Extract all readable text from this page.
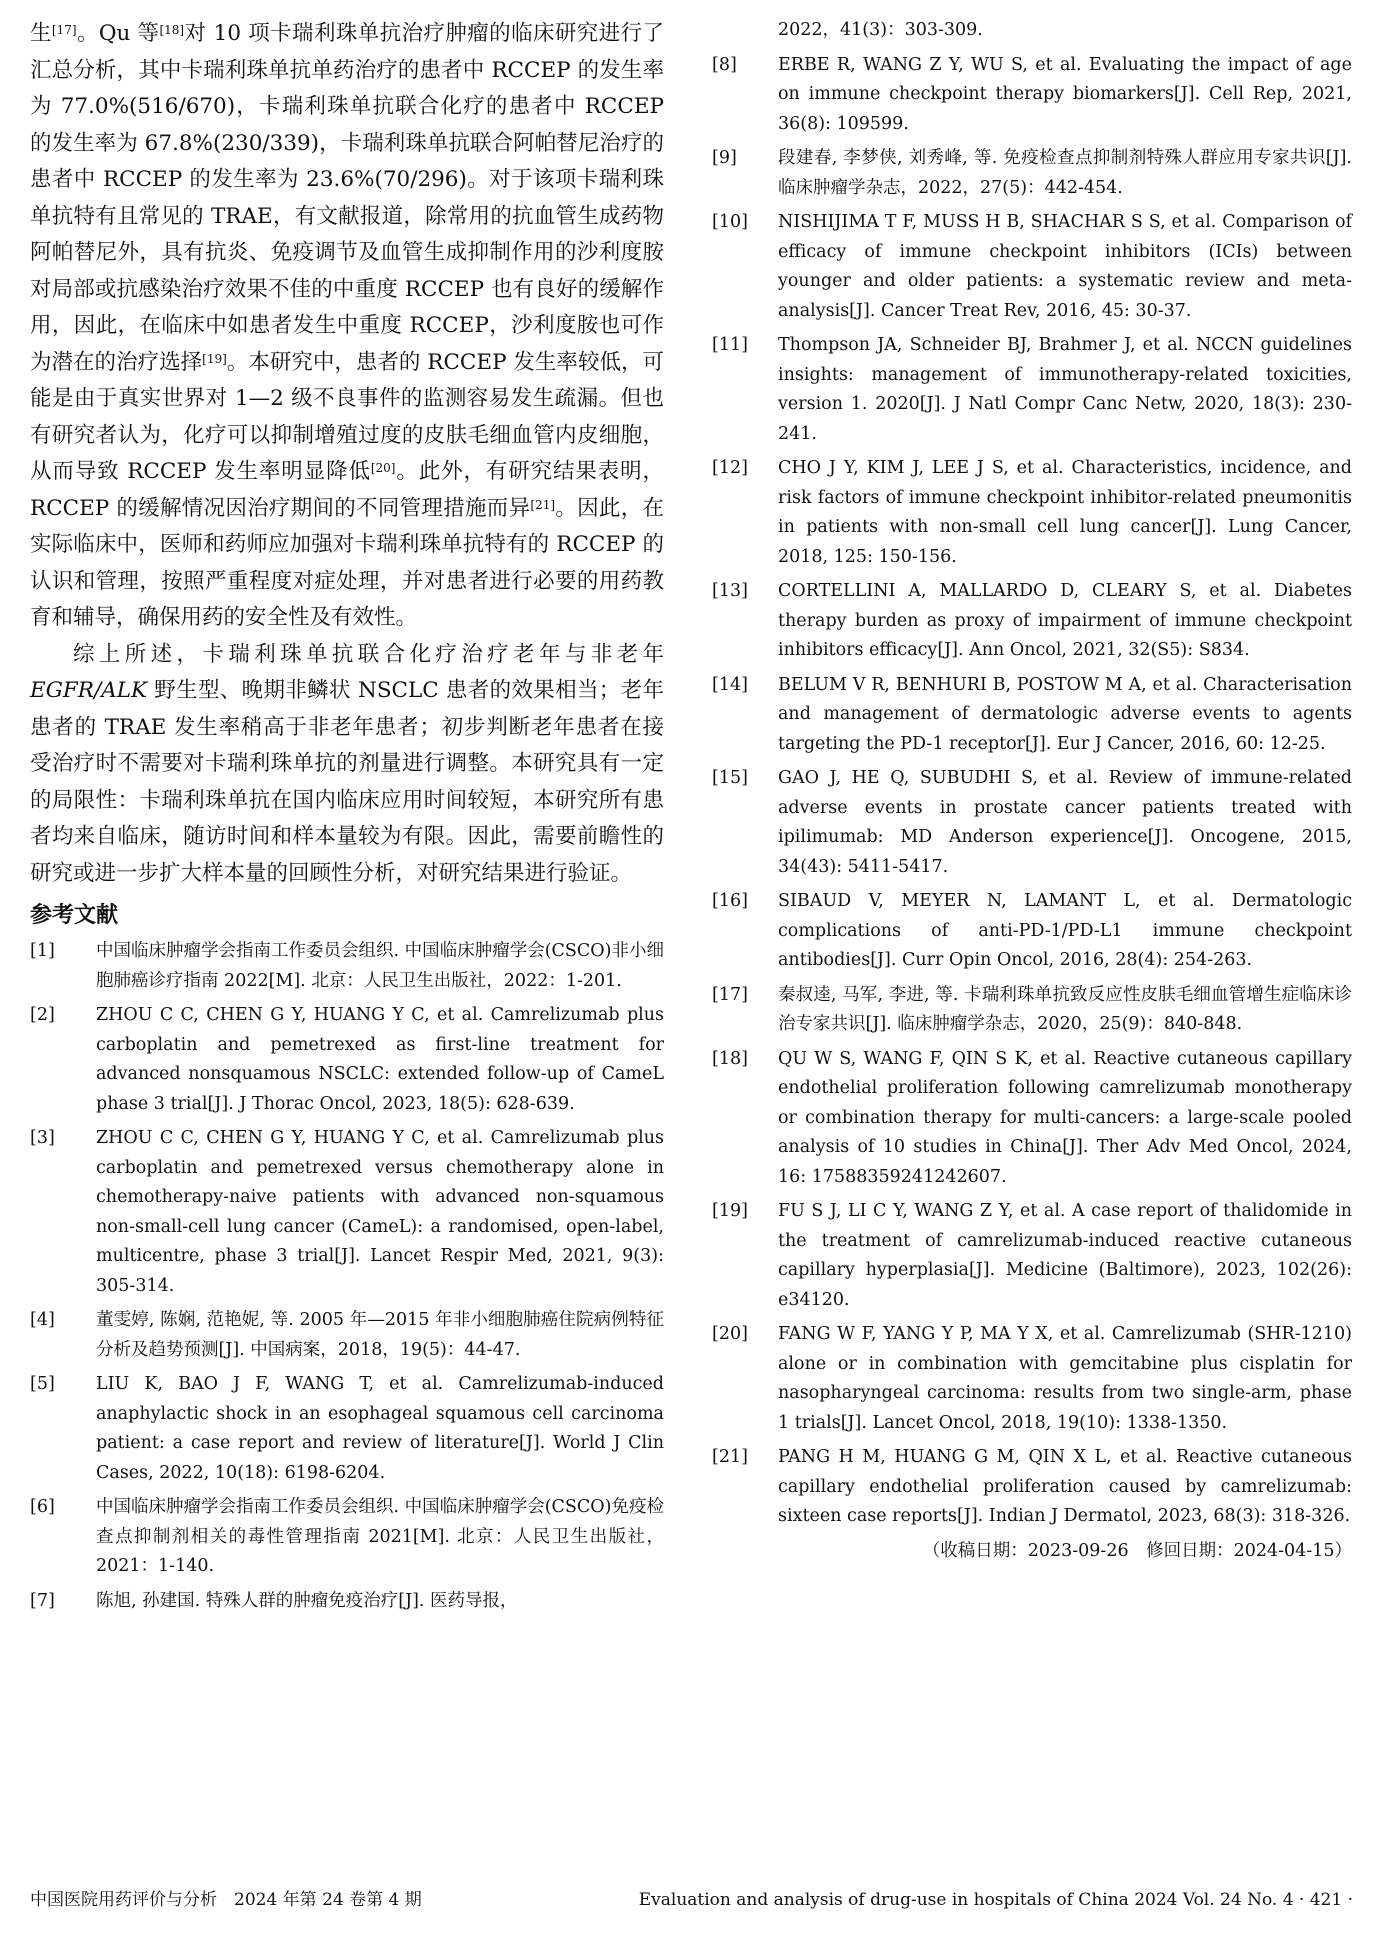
生[17]。Qu 等[18]对 10 项卡瑞利珠单抗治疗肿瘤的临床研究进行了汇总分析，其中卡瑞利珠单抗单药治疗的患者中 RCCEP 的发生率为 77.0%(516/670)，卡瑞利珠单抗联合化疗的患者中 RCCEP 的发生率为 67.8%(230/339)，卡瑞利珠单抗联合阿帕替尼治疗的患者中 RCCEP 的发生率为 23.6%(70/296)。对于该项卡瑞利珠单抗特有且常见的 TRAE，有文献报道，除常用的抗血管生成药物阿帕替尼外，具有抗炎、免疫调节及血管生成抑制作用的沙利度胺对局部或抗感染治疗效果不佳的中重度 RCCEP 也有良好的缓解作用，因此，在临床中如患者发生中重度 RCCEP，沙利度胺也可作为潜在的治疗选择[19]。本研究中，患者的 RCCEP 发生率较低，可能是由于真实世界对 1—2 级不良事件的监测容易发生疏漏。但也有研究者认为，化疗可以抑制增殖过度的皮肤毛细血管内皮细胞，从而导致 RCCEP 发生率明显降低[20]。此外，有研究结果表明，RCCEP 的缓解情况因治疗期间的不同管理措施而异[21]。因此，在实际临床中，医师和药师应加强对卡瑞利珠单抗特有的 RCCEP 的认识和管理，按照严重程度对症处理，并对患者进行必要的用药教育和辅导，确保用药的安全性及有效性。

综上所述，卡瑞利珠单抗联合化疗治疗老年与非老年 EGFR/ALK 野生型、晚期非鳞状 NSCLC 患者的效果相当；老年患者的 TRAE 发生率稍高于非老年患者；初步判断老年患者在接受治疗时不需要对卡瑞利珠单抗的剂量进行调整。本研究具有一定的局限性：卡瑞利珠单抗在国内临床应用时间较短，本研究所有患者均来自临床，随访时间和样本量较为有限。因此，需要前瞻性的研究或进一步扩大样本量的回顾性分析，对研究结果进行验证。

参考文献
[1]	中国临床肿瘤学会指南工作委员会组织. 中国临床肿瘤学会(CSCO)非小细胞肺癌诊疗指南 2022[M]. 北京：人民卫生出版社，2022：1-201.
[2]	ZHOU C C, CHEN G Y, HUANG Y C, et al. Camrelizumab plus carboplatin and pemetrexed as first-line treatment for advanced nonsquamous NSCLC: extended follow-up of CameL phase 3 trial[J]. J Thorac Oncol, 2023, 18(5): 628-639.
[3]	ZHOU C C, CHEN G Y, HUANG Y C, et al. Camrelizumab plus carboplatin and pemetrexed versus chemotherapy alone in chemotherapy-naive patients with advanced non-squamous non-small-cell lung cancer (CameL): a randomised, open-label, multicentre, phase 3 trial[J]. Lancet Respir Med, 2021, 9(3): 305-314.
[4]	董雯婷, 陈娴, 范艳妮, 等. 2005 年—2015 年非小细胞肺癌住院病例特征分析及趋势预测[J]. 中国病案，2018，19(5)：44-47.
[5]	LIU K, BAO J F, WANG T, et al. Camrelizumab-induced anaphylactic shock in an esophageal squamous cell carcinoma patient: a case report and review of literature[J]. World J Clin Cases, 2022, 10(18): 6198-6204.
[6]	中国临床肿瘤学会指南工作委员会组织. 中国临床肿瘤学会(CSCO)免疫检查点抑制剂相关的毒性管理指南 2021[M]. 北京：人民卫生出版社，2021：1-140.
[7]	陈旭, 孙建国. 特殊人群的肿瘤免疫治疗[J]. 医药导报，
2022，41(3)：303-309.
[8]	ERBE R, WANG Z Y, WU S, et al. Evaluating the impact of age on immune checkpoint therapy biomarkers[J]. Cell Rep, 2021, 36(8): 109599.
[9]	段建春, 李梦侠, 刘秀峰, 等. 免疫检查点抑制剂特殊人群应用专家共识[J]. 临床肿瘤学杂志，2022，27(5)：442-454.
[10]	NISHIJIMA T F, MUSS H B, SHACHAR S S, et al. Comparison of efficacy of immune checkpoint inhibitors (ICIs) between younger and older patients: a systematic review and meta-analysis[J]. Cancer Treat Rev, 2016, 45: 30-37.
[11]	Thompson JA, Schneider BJ, Brahmer J, et al. NCCN guidelines insights: management of immunotherapy-related toxicities, version 1. 2020[J]. J Natl Compr Canc Netw, 2020, 18(3): 230-241.
[12]	CHO J Y, KIM J, LEE J S, et al. Characteristics, incidence, and risk factors of immune checkpoint inhibitor-related pneumonitis in patients with non-small cell lung cancer[J]. Lung Cancer, 2018, 125: 150-156.
[13]	CORTELLINI A, MALLARDO D, CLEARY S, et al. Diabetes therapy burden as proxy of impairment of immune checkpoint inhibitors efficacy[J]. Ann Oncol, 2021, 32(S5): S834.
[14]	BELUM V R, BENHURI B, POSTOW M A, et al. Characterisation and management of dermatologic adverse events to agents targeting the PD-1 receptor[J]. Eur J Cancer, 2016, 60: 12-25.
[15]	GAO J, HE Q, SUBUDHI S, et al. Review of immune-related adverse events in prostate cancer patients treated with ipilimumab: MD Anderson experience[J]. Oncogene, 2015, 34(43): 5411-5417.
[16]	SIBAUD V, MEYER N, LAMANT L, et al. Dermatologic complications of anti-PD-1/PD-L1 immune checkpoint antibodies[J]. Curr Opin Oncol, 2016, 28(4): 254-263.
[17]	秦叔逵, 马军, 李进, 等. 卡瑞利珠单抗致反应性皮肤毛细血管增生症临床诊治专家共识[J]. 临床肿瘤学杂志，2020，25(9)：840-848.
[18]	QU W S, WANG F, QIN S K, et al. Reactive cutaneous capillary endothelial proliferation following camrelizumab monotherapy or combination therapy for multi-cancers: a large-scale pooled analysis of 10 studies in China[J]. Ther Adv Med Oncol, 2024, 16: 17588359241242607.
[19]	FU S J, LI C Y, WANG Z Y, et al. A case report of thalidomide in the treatment of camrelizumab-induced reactive cutaneous capillary hyperplasia[J]. Medicine (Baltimore), 2023, 102(26): e34120.
[20]	FANG W F, YANG Y P, MA Y X, et al. Camrelizumab (SHR-1210) alone or in combination with gemcitabine plus cisplatin for nasopharyngeal carcinoma: results from two single-arm, phase 1 trials[J]. Lancet Oncol, 2018, 19(10): 1338-1350.
[21]	PANG H M, HUANG G M, QIN X L, et al. Reactive cutaneous capillary endothelial proliferation caused by camrelizumab: sixteen case reports[J]. Indian J Dermatol, 2023, 68(3): 318-326.
（收稿日期：2023-09-26　修回日期：2024-04-15）
中国医院用药评价与分析　2024 年第 24 卷第 4 期	Evaluation and analysis of drug-use in hospitals of China 2024 Vol. 24 No. 4 · 421 ·
